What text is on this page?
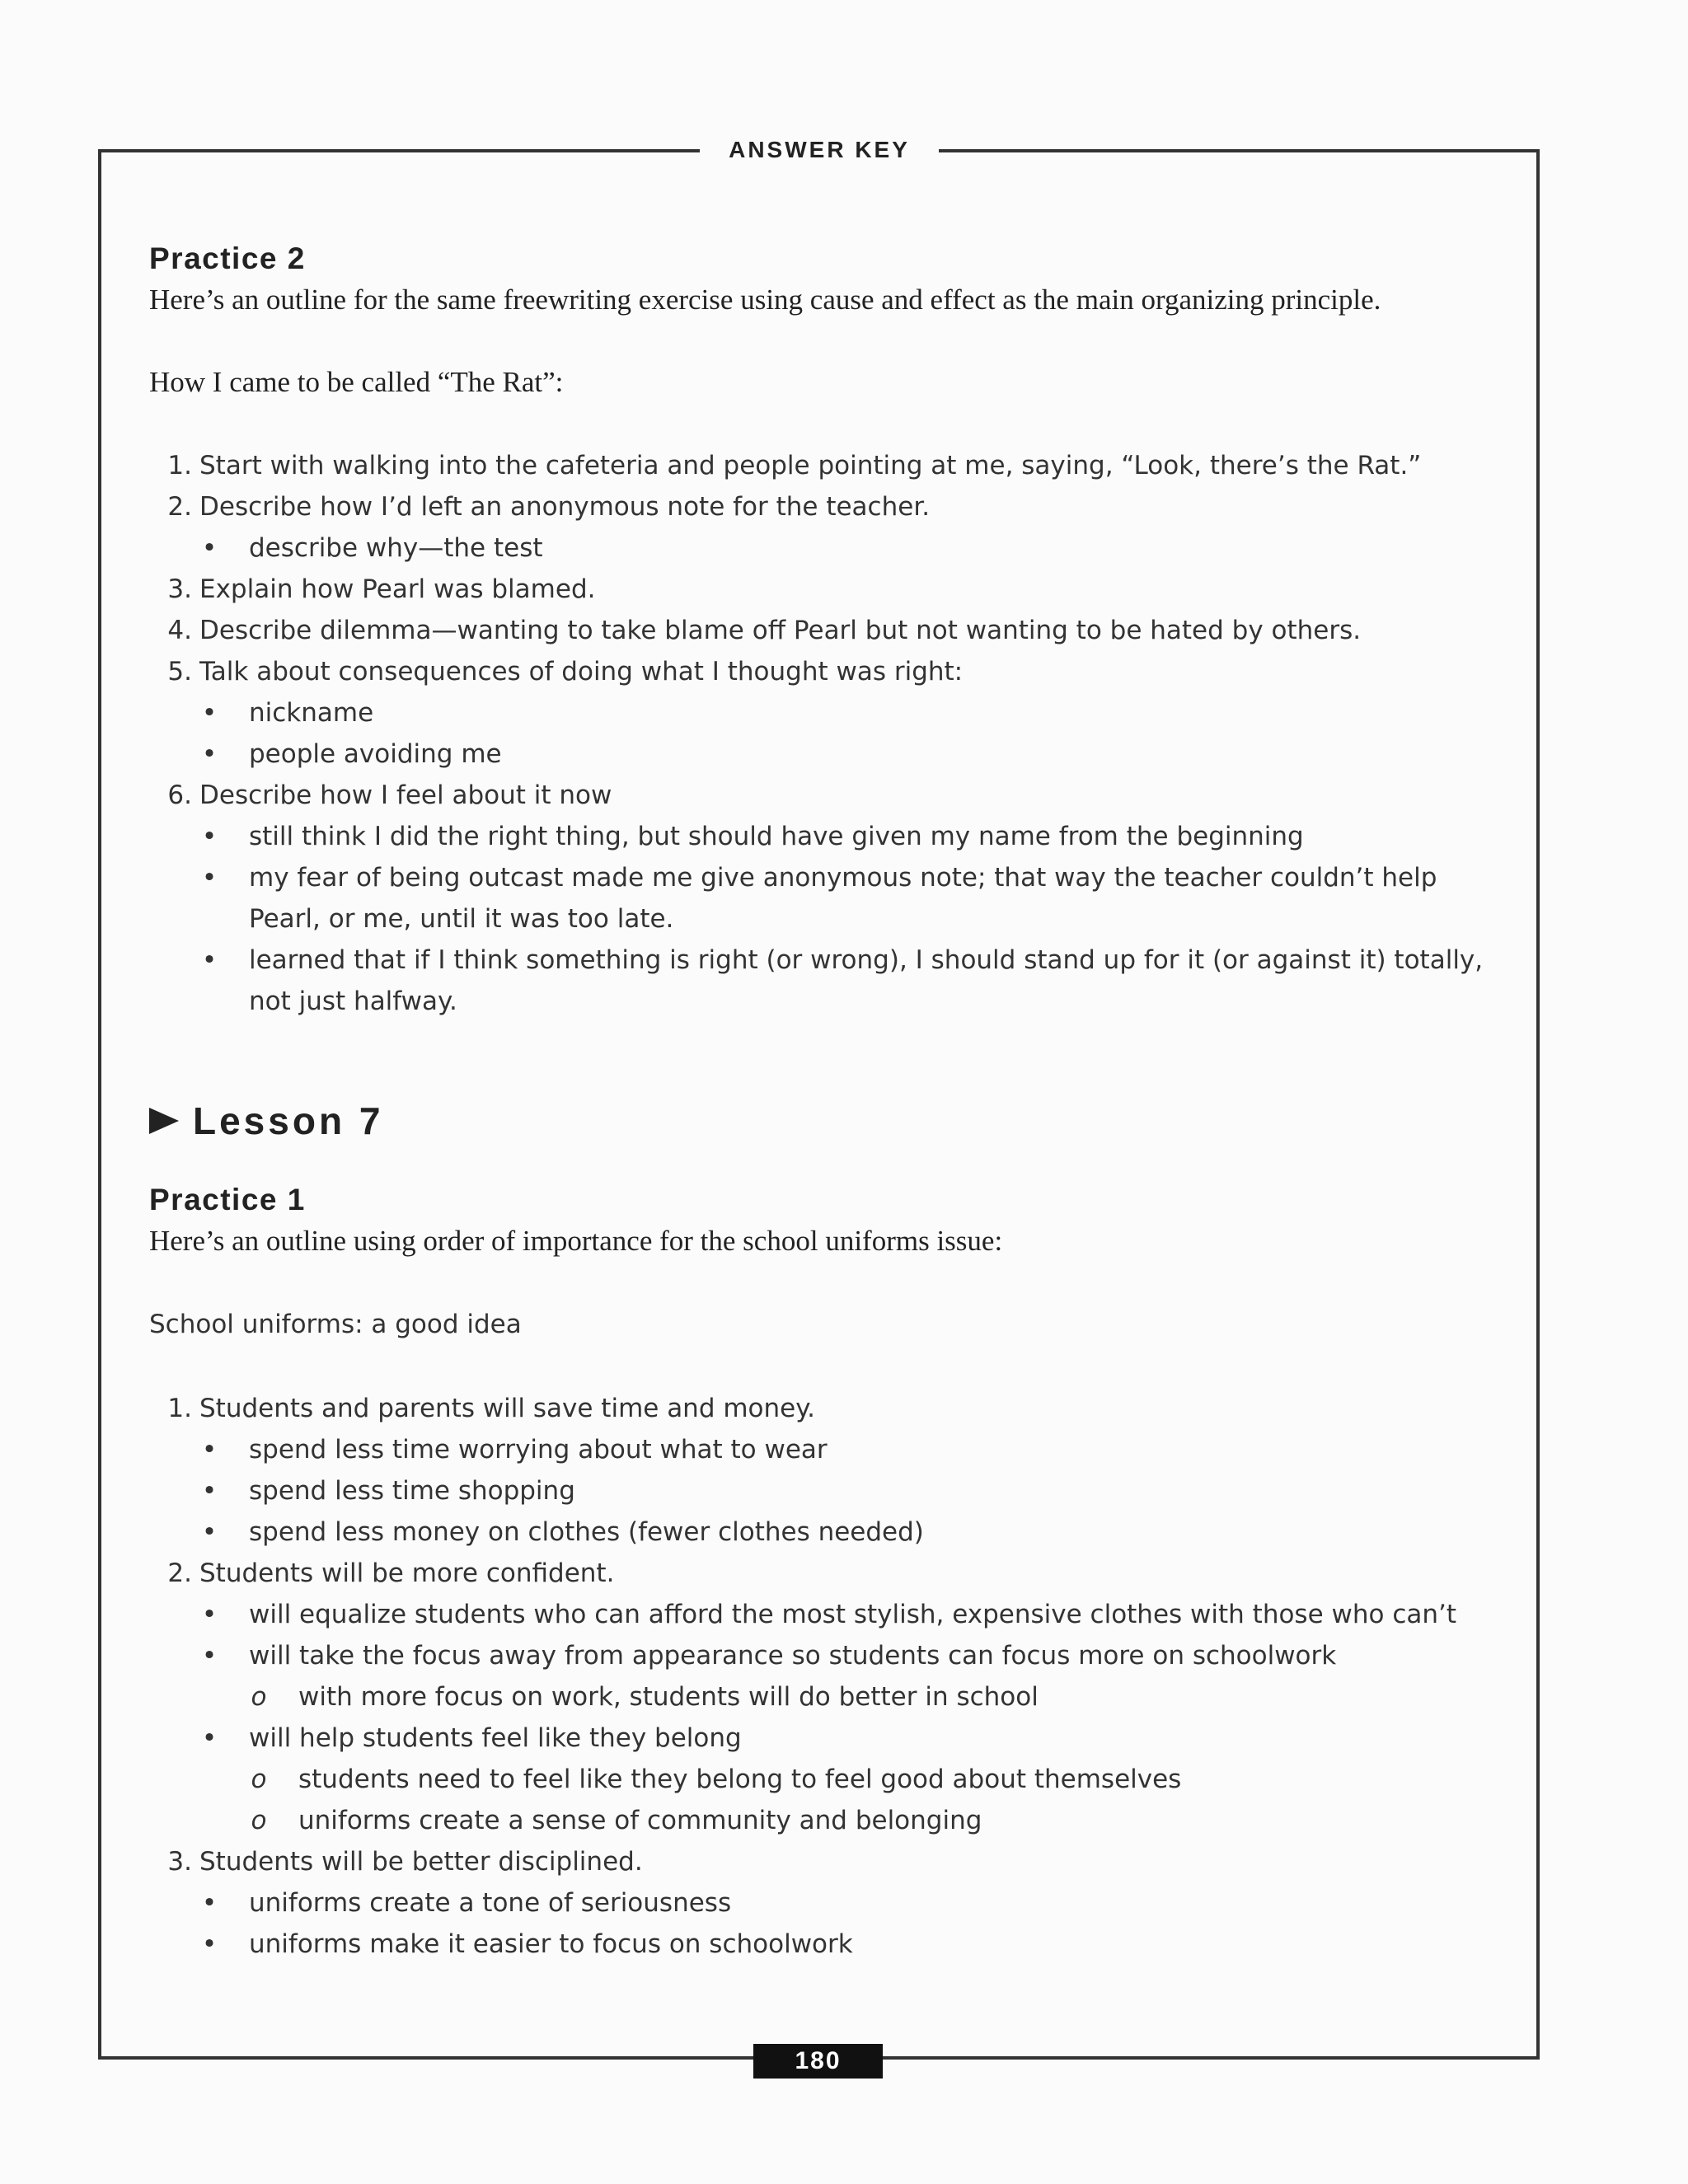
ANSWER KEY
Practice 2

Here’s an outline for the same freewriting exercise using cause and effect as the main organizing principle.

How I came to be called “The Rat”:

1. Start with walking into the cafeteria and people pointing at me, saying, “Look, there’s the Rat.”
2. Describe how I’d left an anonymous note for the teacher.
• describe why—the test
3. Explain how Pearl was blamed.
4. Describe dilemma—wanting to take blame off Pearl but not wanting to be hated by others.
5. Talk about consequences of doing what I thought was right:
• nickname
• people avoiding me
6. Describe how I feel about it now
• still think I did the right thing, but should have given my name from the beginning
• my fear of being outcast made me give anonymous note; that way the teacher couldn’t help Pearl, or me, until it was too late.
• learned that if I think something is right (or wrong), I should stand up for it (or against it) totally, not just halfway.
Lesson 7
Practice 1

Here’s an outline using order of importance for the school uniforms issue:

School uniforms: a good idea

1. Students and parents will save time and money.
• spend less time worrying about what to wear
• spend less time shopping
• spend less money on clothes (fewer clothes needed)
2. Students will be more confident.
• will equalize students who can afford the most stylish, expensive clothes with those who can’t
• will take the focus away from appearance so students can focus more on schoolwork
o with more focus on work, students will do better in school
• will help students feel like they belong
o students need to feel like they belong to feel good about themselves
o uniforms create a sense of community and belonging
3. Students will be better disciplined.
• uniforms create a tone of seriousness
• uniforms make it easier to focus on schoolwork
180
